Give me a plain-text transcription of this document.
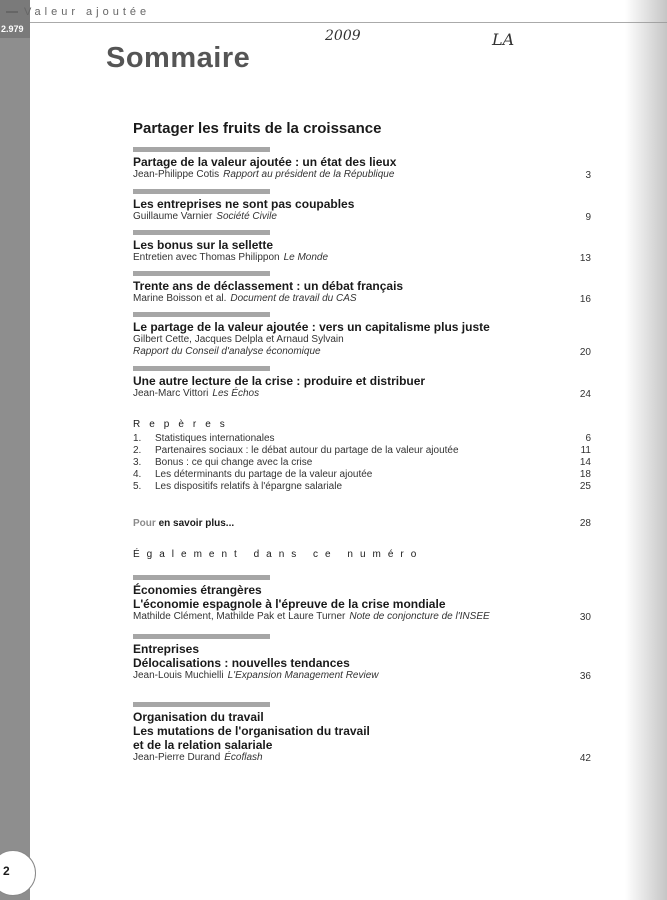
Valeur ajoutée
2.979	2009	LA
Sommaire
Partager les fruits de la croissance
Partage de la valeur ajoutée : un état des lieux
Jean-Philippe Cotis Rapport au président de la République	3
Les entreprises ne sont pas coupables
Guillaume Varnier Société Civile	9
Les bonus sur la sellette
Entretien avec Thomas Philippon Le Monde	13
Trente ans de déclassement : un débat français
Marine Boisson et al. Document de travail du CAS	16
Le partage de la valeur ajoutée : vers un capitalisme plus juste
Gilbert Cette, Jacques Delpla et Arnaud Sylvain
Rapport du Conseil d'analyse économique	20
Une autre lecture de la crise : produire et distribuer
Jean-Marc Vittori Les Échos	24
Repères
1. Statistiques internationales	6
2. Partenaires sociaux : le débat autour du partage de la valeur ajoutée	11
3. Bonus : ce qui change avec la crise	14
4. Les déterminants du partage de la valeur ajoutée	18
5. Les dispositifs relatifs à l'épargne salariale	25
Pour en savoir plus...	28
Également dans ce numéro
Économies étrangères
L'économie espagnole à l'épreuve de la crise mondiale
Mathilde Clément, Mathilde Pak et Laure Turner Note de conjoncture de l'INSEE	30
Entreprises
Délocalisations : nouvelles tendances
Jean-Louis Muchielli L'Expansion Management Review	36
Organisation du travail
Les mutations de l'organisation du travail
et de la relation salariale
Jean-Pierre Durand Écoflash	42
2
